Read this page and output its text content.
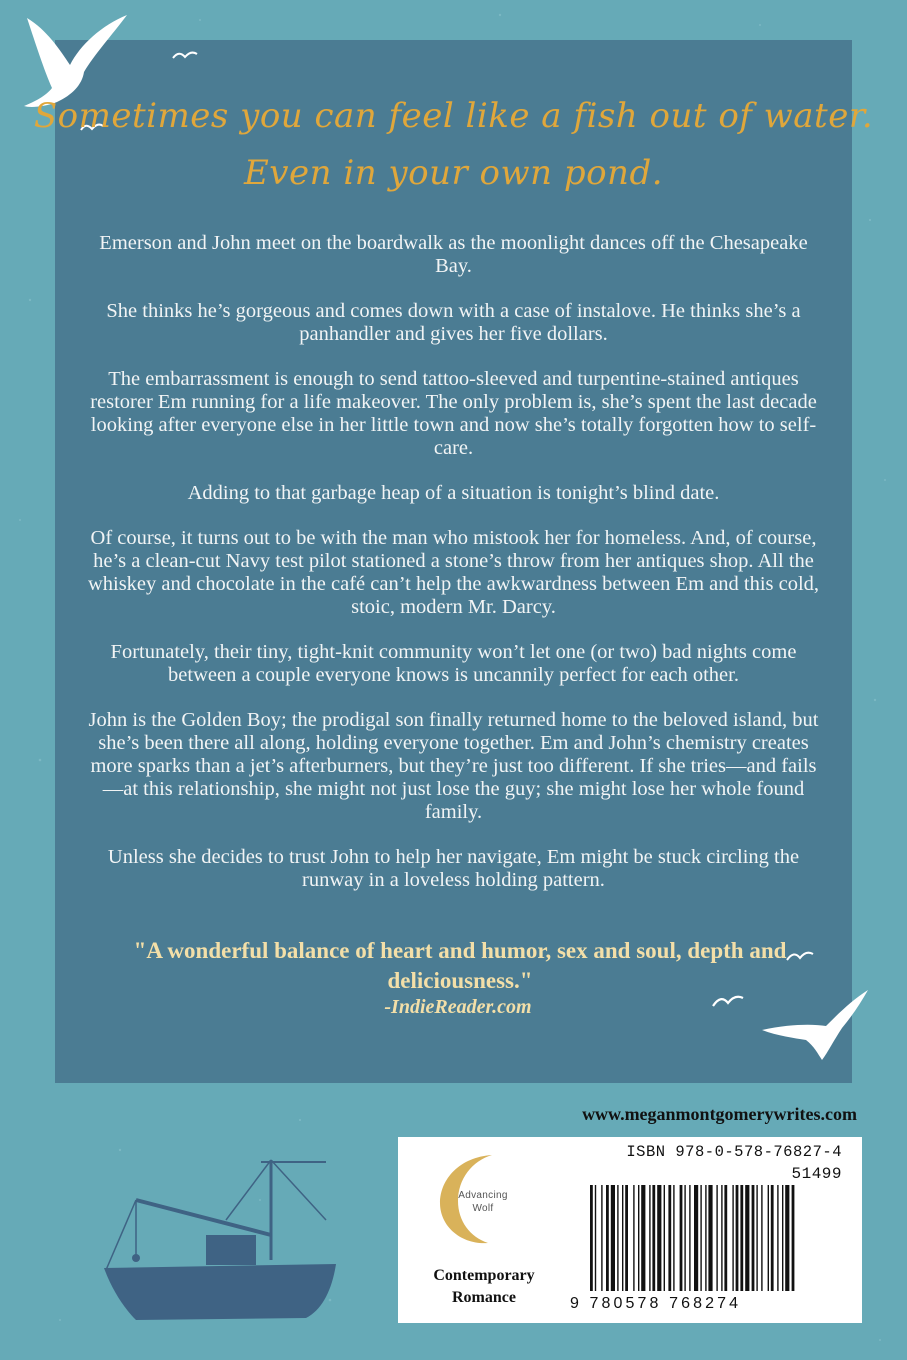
Sometimes you can feel like a fish out of water.
Even in your own pond.

Emerson and John meet on the boardwalk as the moonlight dances off the Chesapeake Bay.

She thinks he’s gorgeous and comes down with a case of instalove. He thinks she’s a panhandler and gives her five dollars.

The embarrassment is enough to send tattoo-sleeved and turpentine-stained antiques restorer Em running for a life makeover. The only problem is, she’s spent the last decade looking after everyone else in her little town and now she’s totally forgotten how to self-care.

Adding to that garbage heap of a situation is tonight’s blind date.

Of course, it turns out to be with the man who mistook her for homeless. And, of course, he’s a clean-cut Navy test pilot stationed a stone’s throw from her antiques shop. All the whiskey and chocolate in the café can’t help the awkwardness between Em and this cold, stoic, modern Mr. Darcy.

Fortunately, their tiny, tight-knit community won’t let one (or two) bad nights come between a couple everyone knows is uncannily perfect for each other.

John is the Golden Boy; the prodigal son finally returned home to the beloved island, but she’s been there all along, holding everyone together. Em and John’s chemistry creates more sparks than a jet’s afterburners, but they’re just too different. If she tries—and fails—at this relationship, she might not just lose the guy; she might lose her whole found family.

Unless she decides to trust John to help her navigate, Em might be stuck circling the runway in a loveless holding pattern.

"A wonderful balance of heart and humor, sex and soul, depth and deliciousness."
-IndieReader.com
www.meganmontgomerywrites.com
Advancing
Wolf
Contemporary
Romance
ISBN 978-0-578-76827-4
51499
9 780578 768274
